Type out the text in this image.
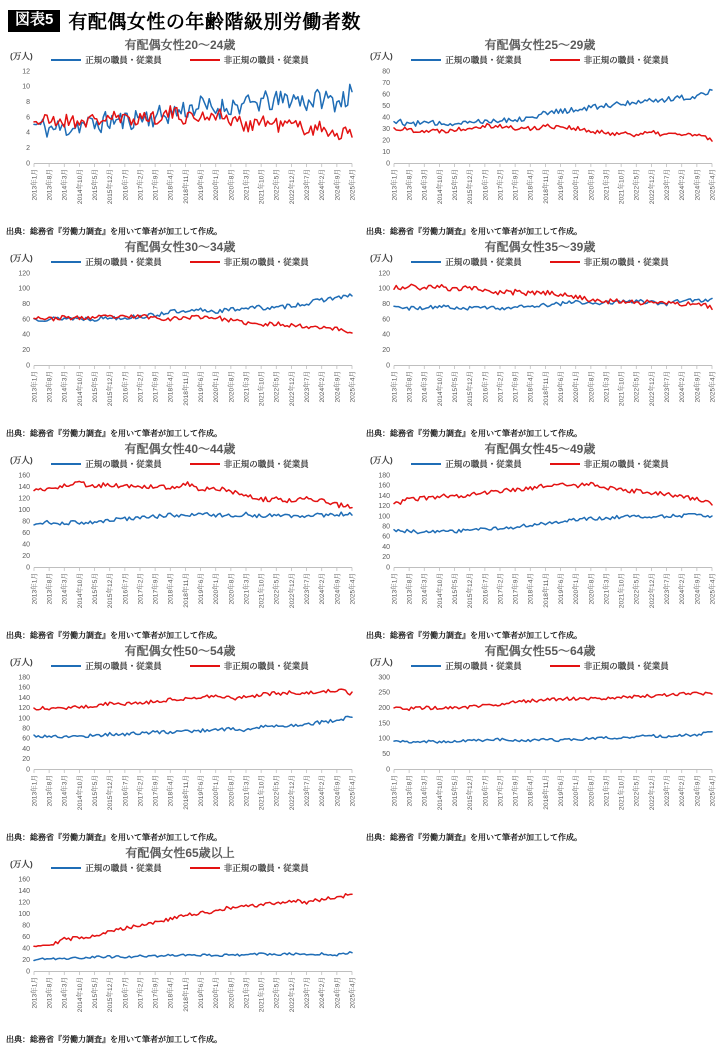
図表5 有配偶女性の年齢階級別労働者数
有配偶女性20〜24歳
(万人)	正規の職員・従業員	非正規の職員・従業員
0
2
4
6
8
10
12
2013年1月	2013年8月	2014年3月	2014年10月	2015年5月	2015年12月	2016年7月	2017年2月	2017年9月	2018年4月	2018年11月	2019年6月	2020年1月	2020年8月	2021年3月	2021年10月	2022年5月	2022年12月	2023年7月	2024年2月	2024年9月	2025年4月
出典：総務省『労働力調査』を用いて筆者が加工して作成。
有配偶女性25〜29歳
(万人)	正規の職員・従業員	非正規の職員・従業員
0
10
20
30
40
50
60
70
80
2013年1月	2013年8月	2014年3月	2014年10月	2015年5月	2015年12月	2016年7月	2017年2月	2017年9月	2018年4月	2018年11月	2019年6月	2020年1月	2020年8月	2021年3月	2021年10月	2022年5月	2022年12月	2023年7月	2024年2月	2024年9月	2025年4月
出典：総務省『労働力調査』を用いて筆者が加工して作成。
有配偶女性30〜34歳
(万人)	正規の職員・従業員	非正規の職員・従業員
0
20
40
60
80
100
120
2013年1月	2013年8月	2014年3月	2014年10月	2015年5月	2015年12月	2016年7月	2017年2月	2017年9月	2018年4月	2018年11月	2019年6月	2020年1月	2020年8月	2021年3月	2021年10月	2022年5月	2022年12月	2023年7月	2024年2月	2024年9月	2025年4月
出典：総務省『労働力調査』を用いて筆者が加工して作成。
有配偶女性35〜39歳
(万人)	正規の職員・従業員	非正規の職員・従業員
0
20
40
60
80
100
120
2013年1月	2013年8月	2014年3月	2014年10月	2015年5月	2015年12月	2016年7月	2017年2月	2017年9月	2018年4月	2018年11月	2019年6月	2020年1月	2020年8月	2021年3月	2021年10月	2022年5月	2022年12月	2023年7月	2024年2月	2024年9月	2025年4月
出典：総務省『労働力調査』を用いて筆者が加工して作成。
有配偶女性40〜44歳
(万人)	正規の職員・従業員	非正規の職員・従業員
0
20
40
60
80
100
120
140
160
2013年1月	2013年8月	2014年3月	2014年10月	2015年5月	2015年12月	2016年7月	2017年2月	2017年9月	2018年4月	2018年11月	2019年6月	2020年1月	2020年8月	2021年3月	2021年10月	2022年5月	2022年12月	2023年7月	2024年2月	2024年9月	2025年4月
出典：総務省『労働力調査』を用いて筆者が加工して作成。
有配偶女性45〜49歳
(万人)	正規の職員・従業員	非正規の職員・従業員
0
20
40
60
80
100
120
140
160
180
2013年1月	2013年8月	2014年3月	2014年10月	2015年5月	2015年12月	2016年7月	2017年2月	2017年9月	2018年4月	2018年11月	2019年6月	2020年1月	2020年8月	2021年3月	2021年10月	2022年5月	2022年12月	2023年7月	2024年2月	2024年9月	2025年4月
出典：総務省『労働力調査』を用いて筆者が加工して作成。
有配偶女性50〜54歳
(万人)	正規の職員・従業員	非正規の職員・従業員
0
20
40
60
80
100
120
140
160
180
2013年1月	2013年8月	2014年3月	2014年10月	2015年5月	2015年12月	2016年7月	2017年2月	2017年9月	2018年4月	2018年11月	2019年6月	2020年1月	2020年8月	2021年3月	2021年10月	2022年5月	2022年12月	2023年7月	2024年2月	2024年9月	2025年4月
出典：総務省『労働力調査』を用いて筆者が加工して作成。
有配偶女性55〜64歳
(万人)	正規の職員・従業員	非正規の職員・従業員
0
50
100
150
200
250
300
2013年1月	2013年8月	2014年3月	2014年10月	2015年5月	2015年12月	2016年7月	2017年2月	2017年9月	2018年4月	2018年11月	2019年6月	2020年1月	2020年8月	2021年3月	2021年10月	2022年5月	2022年12月	2023年7月	2024年2月	2024年9月	2025年4月
出典：総務省『労働力調査』を用いて筆者が加工して作成。
有配偶女性65歳以上
(万人)	正規の職員・従業員	非正規の職員・従業員
0
20
40
60
80
100
120
140
160
2013年1月	2013年8月	2014年3月	2014年10月	2015年5月	2015年12月	2016年7月	2017年2月	2017年9月	2018年4月	2018年11月	2019年6月	2020年1月	2020年8月	2021年3月	2021年10月	2022年5月	2022年12月	2023年7月	2024年2月	2024年9月	2025年4月
出典：総務省『労働力調査』を用いて筆者が加工して作成。
